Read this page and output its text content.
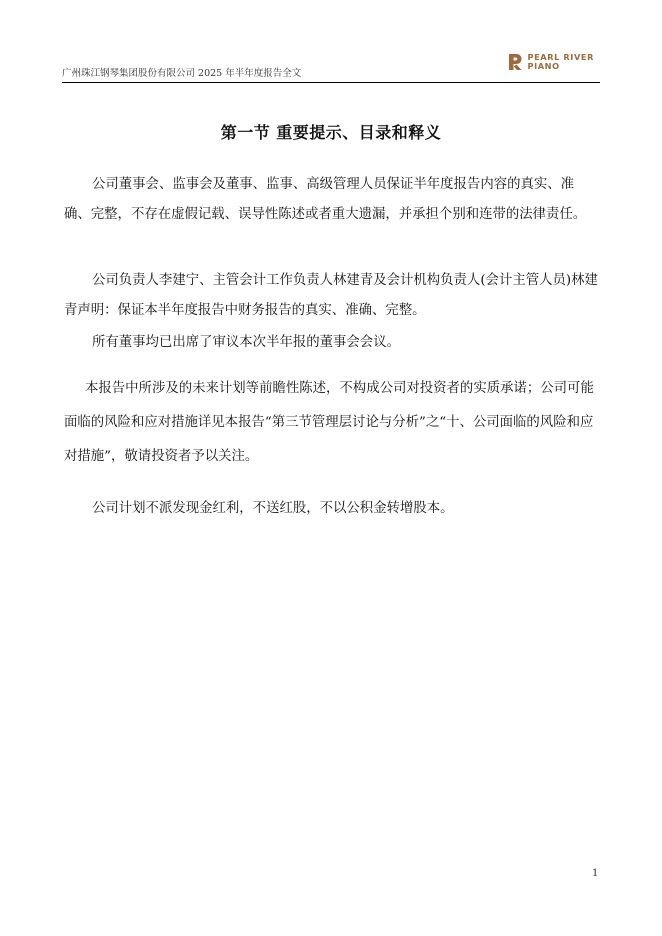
广州珠江钢琴集团股份有限公司 2025 年半年度报告全文
PEARL RIVER
PIANO
第一节 重要提示、目录和释义

公司董事会、监事会及董事、监事、高级管理人员保证半年度报告内容的真实、准确、完整，不存在虚假记载、误导性陈述或者重大遗漏，并承担个别和连带的法律责任。

公司负责人李建宁、主管会计工作负责人林建青及会计机构负责人(会计主管人员)林建青声明：保证本半年度报告中财务报告的真实、准确、完整。

所有董事均已出席了审议本次半年报的董事会会议。

本报告中所涉及的未来计划等前瞻性陈述，不构成公司对投资者的实质承诺；公司可能面临的风险和应对措施详见本报告“第三节管理层讨论与分析”之“十、公司面临的风险和应对措施”，敬请投资者予以关注。

公司计划不派发现金红利，不送红股，不以公积金转增股本。

1
